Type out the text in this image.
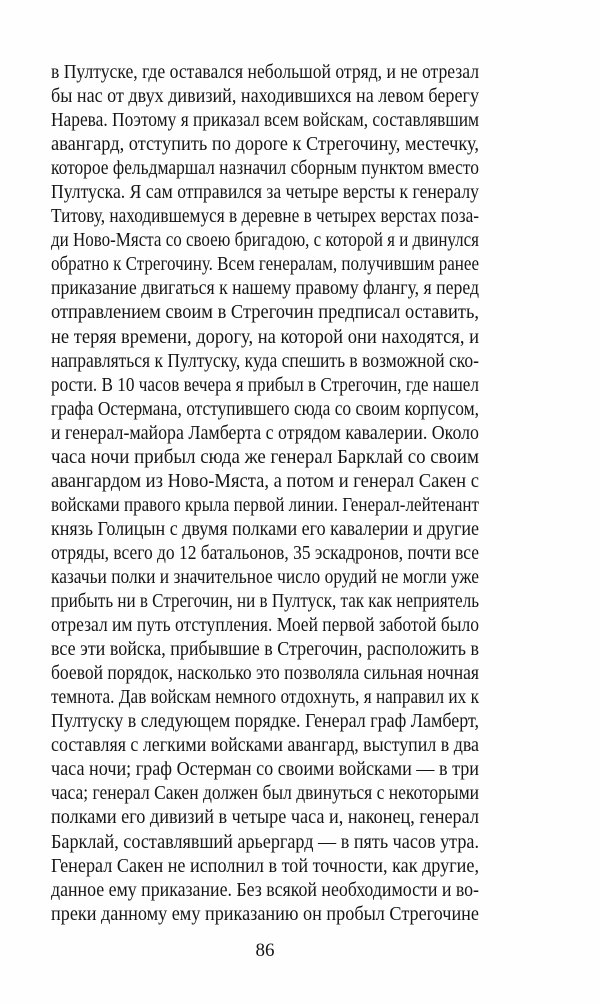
в Пултуске, где оставался небольшой отряд, и не отрезал
бы нас от двух дивизий, находившихся на левом берегу
Нарева. Поэтому я приказал всем войскам, составлявшим
авангард, отступить по дороге к Стрегочину, местечку,
которое фельдмаршал назначил сборным пунктом вместо
Пултуска. Я сам отправился за четыре версты к генералу
Титову, находившемуся в деревне в четырех верстах поза-
ди Ново-Мяста со своею бригадою, с которой я и двинулся
обратно к Стрегочину. Всем генералам, получившим ранее
приказание двигаться к нашему правому флангу, я перед
отправлением своим в Стрегочин предписал оставить,
не теряя времени, дорогу, на которой они находятся, и
направляться к Пултуску, куда спешить в возможной ско-
рости. В 10 часов вечера я прибыл в Стрегочин, где нашел
графа Остермана, отступившего сюда со своим корпусом,
и генерал-майора Ламберта с отрядом кавалерии. Около
часа ночи прибыл сюда же генерал Барклай со своим
авангардом из Ново-Мяста, а потом и генерал Сакен с
войсками правого крыла первой линии. Генерал-лейтенант
князь Голицын с двумя полками его кавалерии и другие
отряды, всего до 12 батальонов, 35 эскадронов, почти все
казачьи полки и значительное число орудий не могли уже
прибыть ни в Стрегочин, ни в Пултуск, так как неприятель
отрезал им путь отступления. Моей первой заботой было
все эти войска, прибывшие в Стрегочин, расположить в
боевой порядок, насколько это позволяла сильная ночная
темнота. Дав войскам немного отдохнуть, я направил их к
Пултуску в следующем порядке. Генерал граф Ламберт,
составляя с легкими войсками авангард, выступил в два
часа ночи; граф Остерман со своими войсками — в три
часа; генерал Сакен должен был двинуться с некоторыми
полками его дивизий в четыре часа и, наконец, генерал
Барклай, составлявший арьергард — в пять часов утра.
Генерал Сакен не исполнил в той точности, как другие,
данное ему приказание. Без всякой необходимости и во-
преки данному ему приказанию он пробыл Стрегочине
86
